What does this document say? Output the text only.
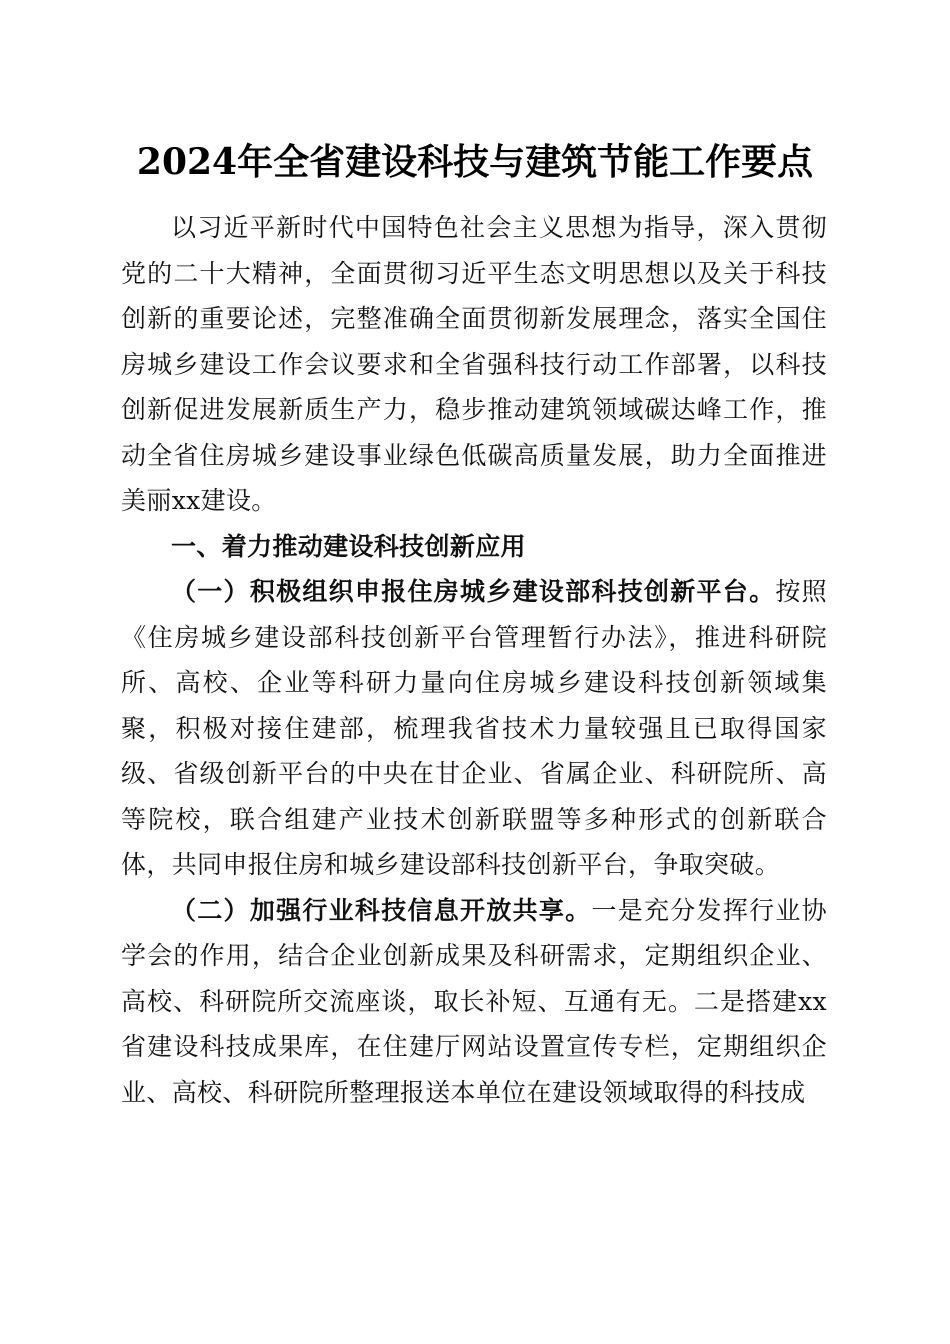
2024年全省建设科技与建筑节能工作要点

以习近平新时代中国特色社会主义思想为指导，深入贯彻党的二十大精神，全面贯彻习近平生态文明思想以及关于科技创新的重要论述，完整准确全面贯彻新发展理念，落实全国住房城乡建设工作会议要求和全省强科技行动工作部署，以科技创新促进发展新质生产力，稳步推动建筑领域碳达峰工作，推动全省住房城乡建设事业绿色低碳高质量发展，助力全面推进美丽xx建设。

一、着力推动建设科技创新应用

（一）积极组织申报住房城乡建设部科技创新平台。按照《住房城乡建设部科技创新平台管理暂行办法》，推进科研院所、高校、企业等科研力量向住房城乡建设科技创新领域集聚，积极对接住建部，梳理我省技术力量较强且已取得国家级、省级创新平台的中央在甘企业、省属企业、科研院所、高等院校，联合组建产业技术创新联盟等多种形式的创新联合体，共同申报住房和城乡建设部科技创新平台，争取突破。

（二）加强行业科技信息开放共享。一是充分发挥行业协学会的作用，结合企业创新成果及科研需求，定期组织企业、高校、科研院所交流座谈，取长补短、互通有无。二是搭建xx省建设科技成果库，在住建厅网站设置宣传专栏，定期组织企业、高校、科研院所整理报送本单位在建设领域取得的科技成
